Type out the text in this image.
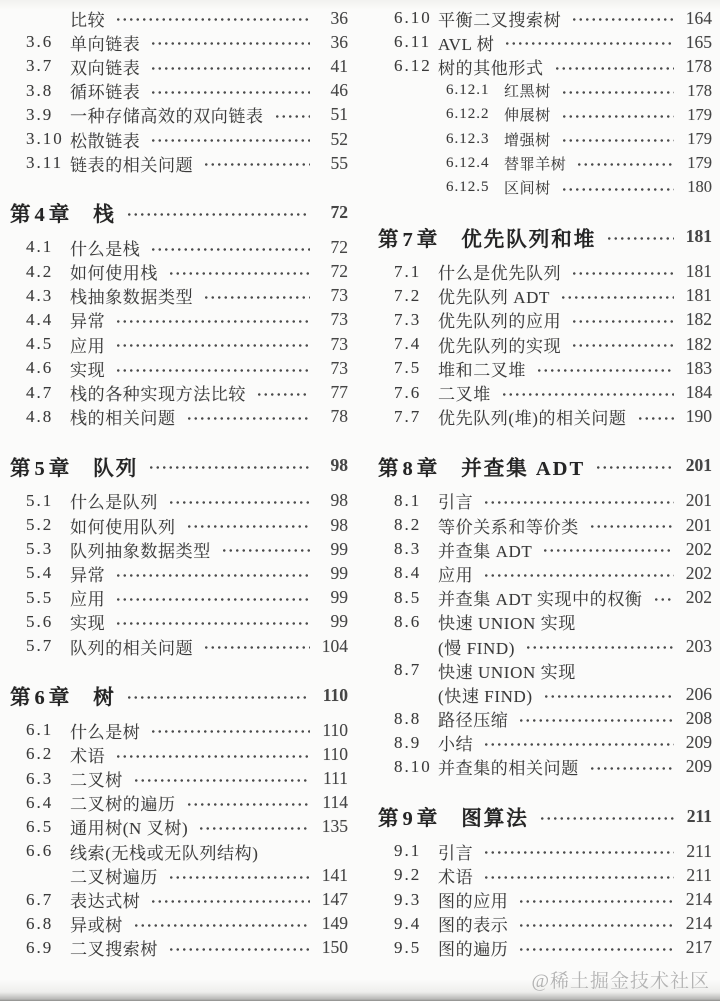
比较	36
3.6 单向链表	36
3.7 双向链表	41
3.8 循环链表	46
3.9 一种存储高效的双向链表	51
3.10 松散链表	52
3.11 链表的相关问题	55
第4章 栈	72
4.1 什么是栈	72
4.2 如何使用栈	72
4.3 栈抽象数据类型	73
4.4 异常	73
4.5 应用	73
4.6 实现	73
4.7 栈的各种实现方法比较	77
4.8 栈的相关问题	78
第5章 队列	98
5.1 什么是队列	98
5.2 如何使用队列	98
5.3 队列抽象数据类型	99
5.4 异常	99
5.5 应用	99
5.6 实现	99
5.7 队列的相关问题	104
第6章 树	110
6.1 什么是树	110
6.2 术语	110
6.3 二叉树	111
6.4 二叉树的遍历	114
6.5 通用树(N 叉树)	135
6.6 线索(无栈或无队列结构)
二叉树遍历	141
6.7 表达式树	147
6.8 异或树	149
6.9 二叉搜索树	150
6.10 平衡二叉搜索树	164
6.11 AVL 树	165
6.12 树的其他形式	178
6.12.1 红黑树	178
6.12.2 伸展树	179
6.12.3 增强树	179
6.12.4 替罪羊树	179
6.12.5 区间树	180
第7章 优先队列和堆	181
7.1 什么是优先队列	181
7.2 优先队列 ADT	181
7.3 优先队列的应用	182
7.4 优先队列的实现	182
7.5 堆和二叉堆	183
7.6 二叉堆	184
7.7 优先队列(堆)的相关问题	190
第8章 并查集 ADT	201
8.1 引言	201
8.2 等价关系和等价类	201
8.3 并查集 ADT	202
8.4 应用	202
8.5 并查集 ADT 实现中的权衡	202
8.6 快速 UNION 实现
(慢 FIND)	203
8.7 快速 UNION 实现
(快速 FIND)	206
8.8 路径压缩	208
8.9 小结	209
8.10 并查集的相关问题	209
第9章 图算法	211
9.1 引言	211
9.2 术语	211
9.3 图的应用	214
9.4 图的表示	214
9.5 图的遍历	217
@稀土掘金技术社区
